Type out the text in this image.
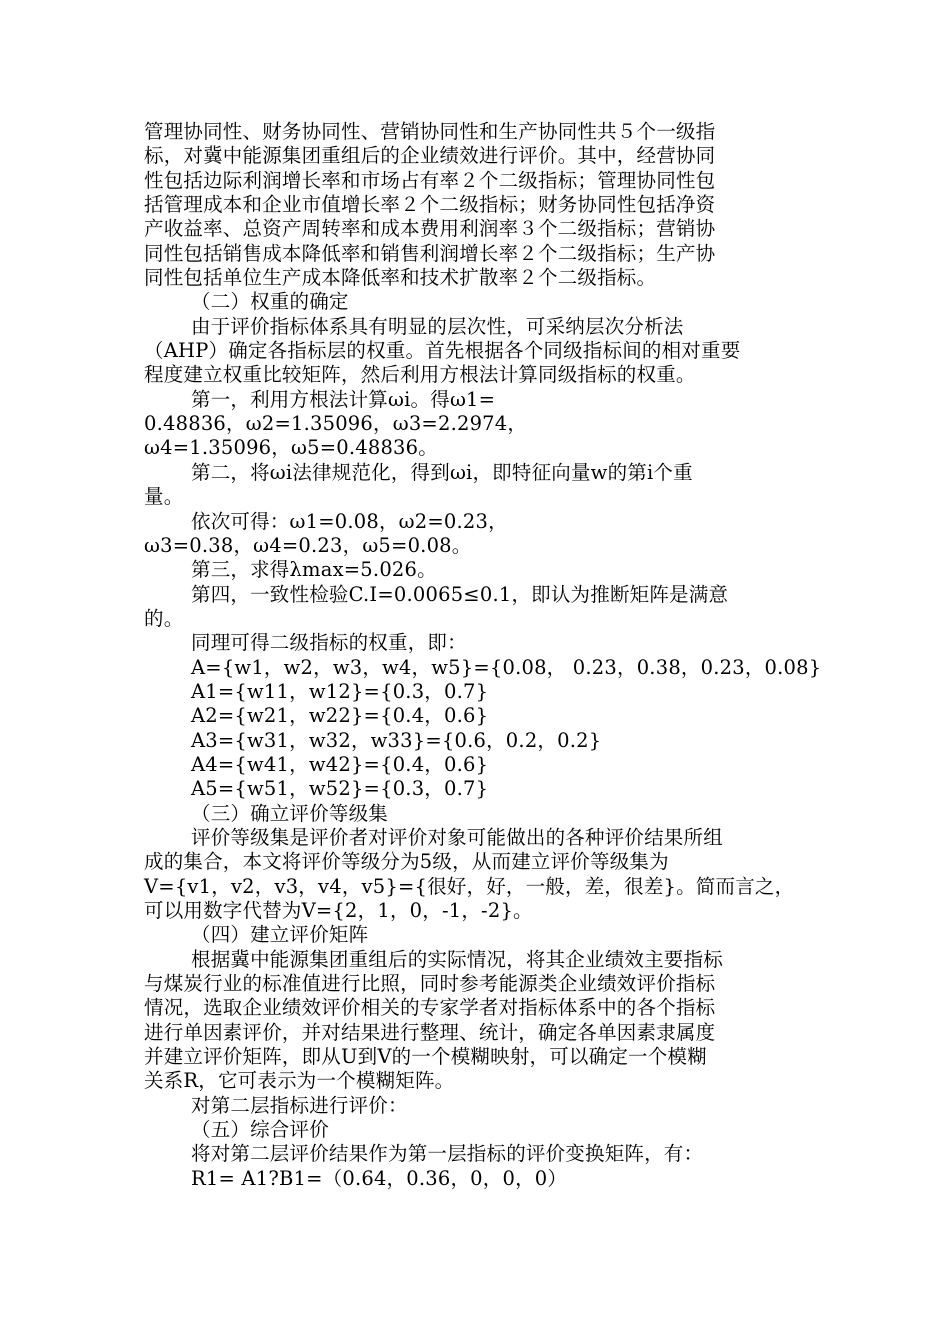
管理协同性、财务协同性、营销协同性和生产协同性共５个一级指
标，对冀中能源集团重组后的企业绩效进行评价。其中，经营协同
性包括边际利润增长率和市场占有率２个二级指标；管理协同性包
括管理成本和企业市值增长率２个二级指标；财务协同性包括净资
产收益率、总资产周转率和成本费用利润率３个二级指标；营销协
同性包括销售成本降低率和销售利润增长率２个二级指标；生产协
同性包括单位生产成本降低率和技术扩散率２个二级指标。
（二）权重的确定
由于评价指标体系具有明显的层次性，可采纳层次分析法
（AHP）确定各指标层的权重。首先根据各个同级指标间的相对重要
程度建立权重比较矩阵，然后利用方根法计算同级指标的权重。
第一，利用方根法计算ωi。得ω1=
0.48836，ω2=1.35096，ω3=2.2974，
ω4=1.35096，ω5=0.48836。
第二，将ωi法律规范化，得到ωi，即特征向量w的第i个重
量。
依次可得：ω1=0.08，ω2=0.23，
ω3=0.38，ω4=0.23，ω5=0.08。
第三，求得λmax=5.026。
第四，一致性检验C.I=0.0065≤0.1，即认为推断矩阵是满意
的。
同理可得二级指标的权重，即：
A={w1，w2，w3，w4，w5}={0.08， 0.23，0.38，0.23，0.08}
A1={w11，w12}={0.3，0.7}
A2={w21，w22}={0.4，0.6}
A3={w31，w32，w33}={0.6，0.2，0.2}
A4={w41，w42}={0.4，0.6}
A5={w51，w52}={0.3，0.7}
（三）确立评价等级集
评价等级集是评价者对评价对象可能做出的各种评价结果所组
成的集合，本文将评价等级分为5级，从而建立评价等级集为
V={v1，v2，v3，v4，v5}={很好，好，一般，差，很差}。简而言之，
可以用数字代替为V={2，1，0，-1，-2}。
（四）建立评价矩阵
根据冀中能源集团重组后的实际情况，将其企业绩效主要指标
与煤炭行业的标准值进行比照，同时参考能源类企业绩效评价指标
情况，选取企业绩效评价相关的专家学者对指标体系中的各个指标
进行单因素评价，并对结果进行整理、统计，确定各单因素隶属度
并建立评价矩阵，即从U到V的一个模糊映射，可以确定一个模糊
关系R，它可表示为一个模糊矩阵。
对第二层指标进行评价：
（五）综合评价
将对第二层评价结果作为第一层指标的评价变换矩阵，有：
R1= A1?B1=（0.64，0.36，0，0，0）
